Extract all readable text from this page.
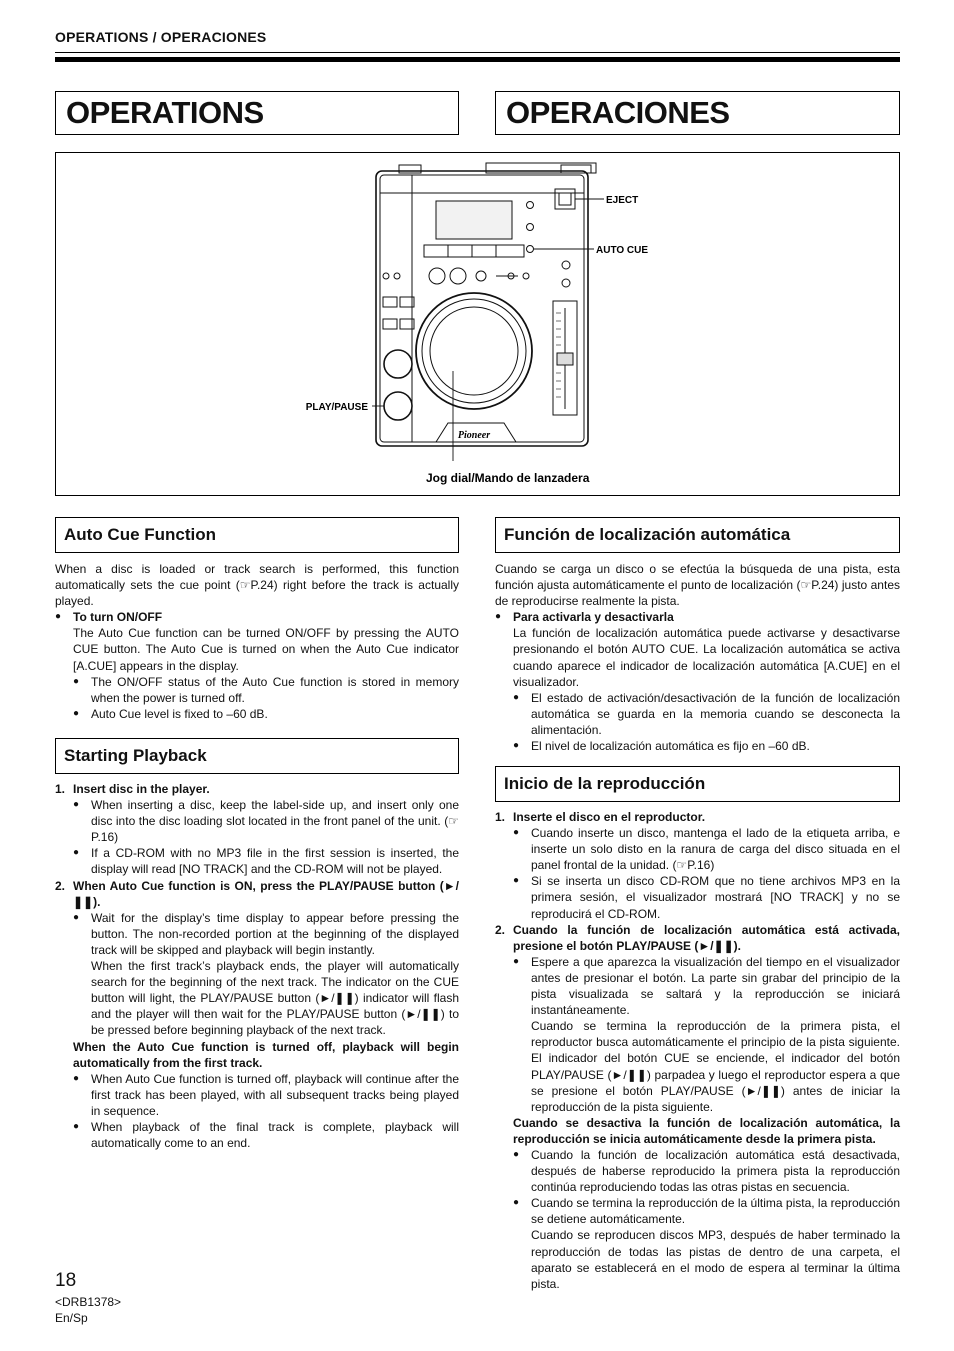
OPERATIONS / OPERACIONES
OPERATIONS	OPERACIONES
Pioneer
EJECT
AUTO CUE
PLAY/PAUSE
Jog dial/Mando de lanzadera
Auto Cue Function

When a disc is loaded or track search is performed, this function automatically sets the cue point (☞P.24) right before the track is actually played.

● To turn ON/OFF

The Auto Cue function can be turned ON/OFF by pressing the AUTO CUE button. The Auto Cue is turned on when the Auto Cue indicator [A.CUE] appears in the display.

● The ON/OFF status of the Auto Cue function is stored in memory when the power is turned off.

● Auto Cue level is fixed to –60 dB.

Starting Playback

1. Insert disc in the player.

● When inserting a disc, keep the label-side up, and insert only one disc into the disc loading slot located in the front panel of the unit. (☞P.16)

● If a CD-ROM with no MP3 file in the first session is inserted, the display will read [NO TRACK] and the CD-ROM will not be played.

2. When Auto Cue function is ON, press the PLAY/PAUSE button (►/❚❚).

● Wait for the display’s time display to appear before pressing the button. The non-recorded portion at the beginning of the displayed track will be skipped and playback will begin instantly.

When the first track’s playback ends, the player will automatically search for the beginning of the next track. The indicator on the CUE button will light, the PLAY/PAUSE button (►/❚❚) indicator will flash and the player will then wait for the PLAY/PAUSE button (►/❚❚) to be pressed before beginning playback of the next track.

When the Auto Cue function is turned off, playback will begin automatically from the first track.

● When Auto Cue function is turned off, playback will continue after the first track has been played, with all subsequent tracks being played in sequence.

● When playback of the final track is complete, playback will automatically come to an end.

Función de localización automática

Cuando se carga un disco o se efectúa la búsqueda de una pista, esta función ajusta automáticamente el punto de localización (☞P.24) justo antes de reproducirse realmente la pista.

● Para activarla y desactivarla

La función de localización automática puede activarse y desactivarse presionando el botón AUTO CUE. La localización automática se activa cuando aparece el indicador de localización automática [A.CUE] en el visualizador.

● El estado de activación/desactivación de la función de localización automática se guarda en la memoria cuando se desconecta la alimentación.

● El nivel de localización automática es fijo en –60 dB.

Inicio de la reproducción

1. Inserte el disco en el reproductor.

● Cuando inserte un disco, mantenga el lado de la etiqueta arriba, e inserte un solo disto en la ranura de carga del disco situada en el panel frontal de la unidad. (☞P.16)

● Si se inserta un disco CD-ROM que no tiene archivos MP3 en la primera sesión, el visualizador mostrará [NO TRACK] y no se reproducirá el CD-ROM.

2. Cuando la función de localización automática está activada, presione el botón PLAY/PAUSE (►/❚❚).

● Espere a que aparezca la visualización del tiempo en el visualizador antes de presionar el botón. La parte sin grabar del principio de la pista visualizada se saltará y la reproducción se iniciará instantáneamente.

Cuando se termina la reproducción de la primera pista, el reproductor busca automáticamente el principio de la pista siguiente. El indicador del botón CUE se enciende, el indicador del botón PLAY/PAUSE (►/❚❚) parpadea y luego el reproductor espera a que se presione el botón PLAY/PAUSE (►/❚❚) antes de iniciar la reproducción de la pista siguiente.

Cuando se desactiva la función de localización automática, la reproducción se inicia automáticamente desde la primera pista.

● Cuando la función de localización automática está desactivada, después de haberse reproducido la primera pista la reproducción continúa reproduciendo todas las otras pistas en secuencia.

● Cuando se termina la reproducción de la última pista, la reproducción se detiene automáticamente.

Cuando se reproducen discos MP3, después de haber terminado la reproducción de todas las pistas de dentro de una carpeta, el aparato se establecerá en el modo de espera al terminar la última pista.

18
<DRB1378>
En/Sp
